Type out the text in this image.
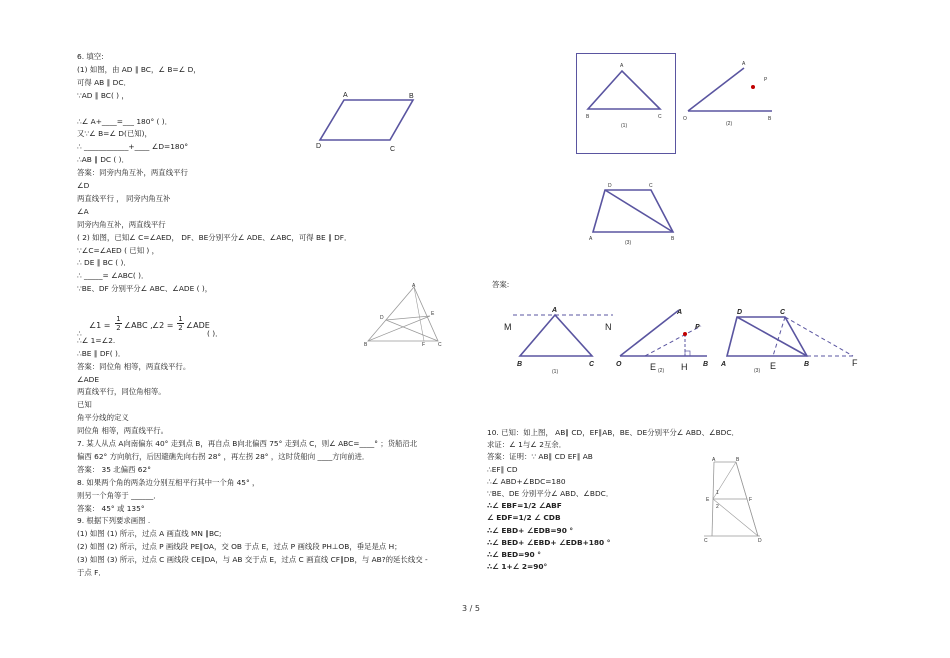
6. 填空:
(1) 如图，由 AD ∥ BC，∠ B=∠ D，
可得 AB ∥ DC．
∵AD ∥ BC( ) ，
∴∠ A+____=___ 180° ( )．
又∵∠ B=∠ D(已知)，
∴ ____________+____ ∠D=180°
∴AB ∥ DC ( )．
答案：同旁内角互补，两直线平行
∠D
两直线平行 ， 同旁内角互补
∠A
同旁内角互补，两直线平行
( 2) 如图，已知∠ C=∠AED， DF、BE分别平分∠ ADE、∠ABC，可得 BE ∥ DF．
∵∠C=∠AED ( 已知 ) ，
∴ DE ∥ BC ( )．
∴ _____= ∠ABC( )．
∵BE、DF 分别平分∠ ABC、∠ADE ( )，
∴∠ 1=∠2.
∴BE ∥ DF( )．
答案：同位角 相等，两直线平行。
∠ADE
两直线平行，同位角相等。
已知
角平分线的定义
同位角 相等，两直线平行。
7. 某人从点 A向南偏东 40° 走到点 B，再自点 B向北偏西 75° 走到点 C，则∠ ABC=____° ；货船沿北
偏西 62° 方向航行，后因避礁先向右拐 28° ，再左拐 28° ，这时货船向 ____方向前进．
答案： 35 北偏西 62°
8. 如果两个角的两条边分别互相平行其中一个角 45° ，
则另一个角等于 ______．
答案： 45° 或 135°
9. 根据下列要求画图 .
(1) 如图 (1) 所示，过点 A 画直线 MN ∥BC;
(2) 如图 (2) 所示，过点 P 画线段 PE∥OA，交 OB 于点 E，过点 P 画线段 PH⊥OB，垂足是点 H；
(3) 如图 (3) 所示，过点 C 画线段 CE∥DA，与 AB 交于点 E，过点 C 画直线 CF∥DB，与 AB?的延长线交 -
于点 F．
10. 已知：如上图， AB∥ CD，EF∥AB，BE、DE分别平分∠ ABD、∠BDC．
求证：∠ 1与∠ 2互余．
答案：证明：∵ AB∥ CD EF∥ AB
∴EF∥ CD
∴∠ ABD+∠BDC=180
∵BE、DE 分别平分∠ ABD、∠BDC．
∴∠ EBF=1/2 ∠ABF
∠ EDF=1/2 ∠ CDB
∴∠ EBD+ ∠EDB=90 °
∴∠ BED+ ∠EBD+ ∠EDB+180 °
∴∠ BED=90 °
∴∠ 1+∠ 2=90°
∴
∠1 =
1

2 ∠ABC , ∠2 =
1

2 ∠ADE
( )．
A	B
D	C
A
B	C
D
E
F
A
B	C
(1)
A
P
O	B
(2)
D	C
A	B
(3)
答案:
M	N
A
B	C
(1)
A
P
O	E (2) H B
D	C
A	E	B
(3)
F
A	B
E	F
C	D
1
2
3 / 5
